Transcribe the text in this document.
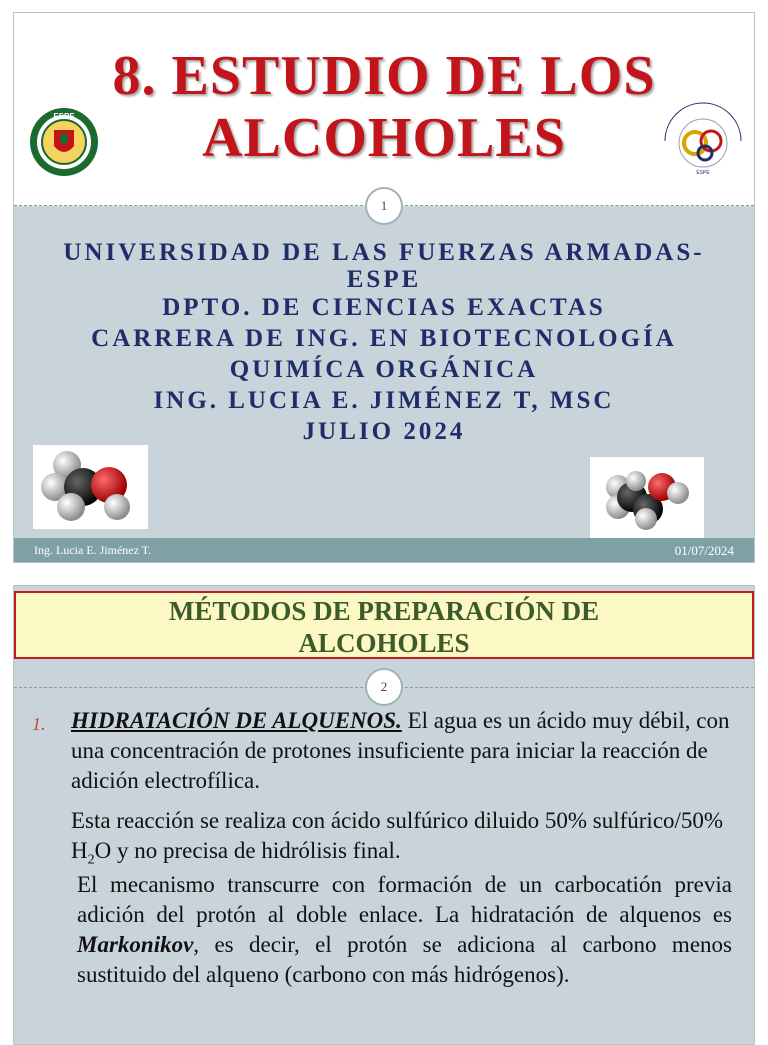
ESPE
ESPE
8. ESTUDIO DE LOS
ALCOHOLES
1
UNIVERSIDAD DE LAS FUERZAS ARMADAS-
ESPE
DPTO. DE CIENCIAS EXACTAS
CARRERA DE ING. EN BIOTECNOLOGÍA
QUIMÍCA ORGÁNICA
ING. LUCIA E. JIMÉNEZ T, MSC
JULIO 2024
Ing. Lucia E. Jiménez T.	01/07/2024
MÉTODOS DE PREPARACIÓN DE
ALCOHOLES
2
1. HIDRATACIÓN DE ALQUENOS. El agua es un ácido muy débil, con una concentración de protones insuficiente para iniciar la reacción de adición electrofílica.
Esta reacción se realiza con ácido sulfúrico diluido 50% sulfúrico/50% $H_2O$ y no precisa de hidrólisis final.
El mecanismo transcurre con formación de un carbocatión previa adición del protón al doble enlace. La hidratación de alquenos es Markonikov, es decir, el protón se adiciona al carbono menos sustituido del alqueno (carbono con más hidrógenos).
